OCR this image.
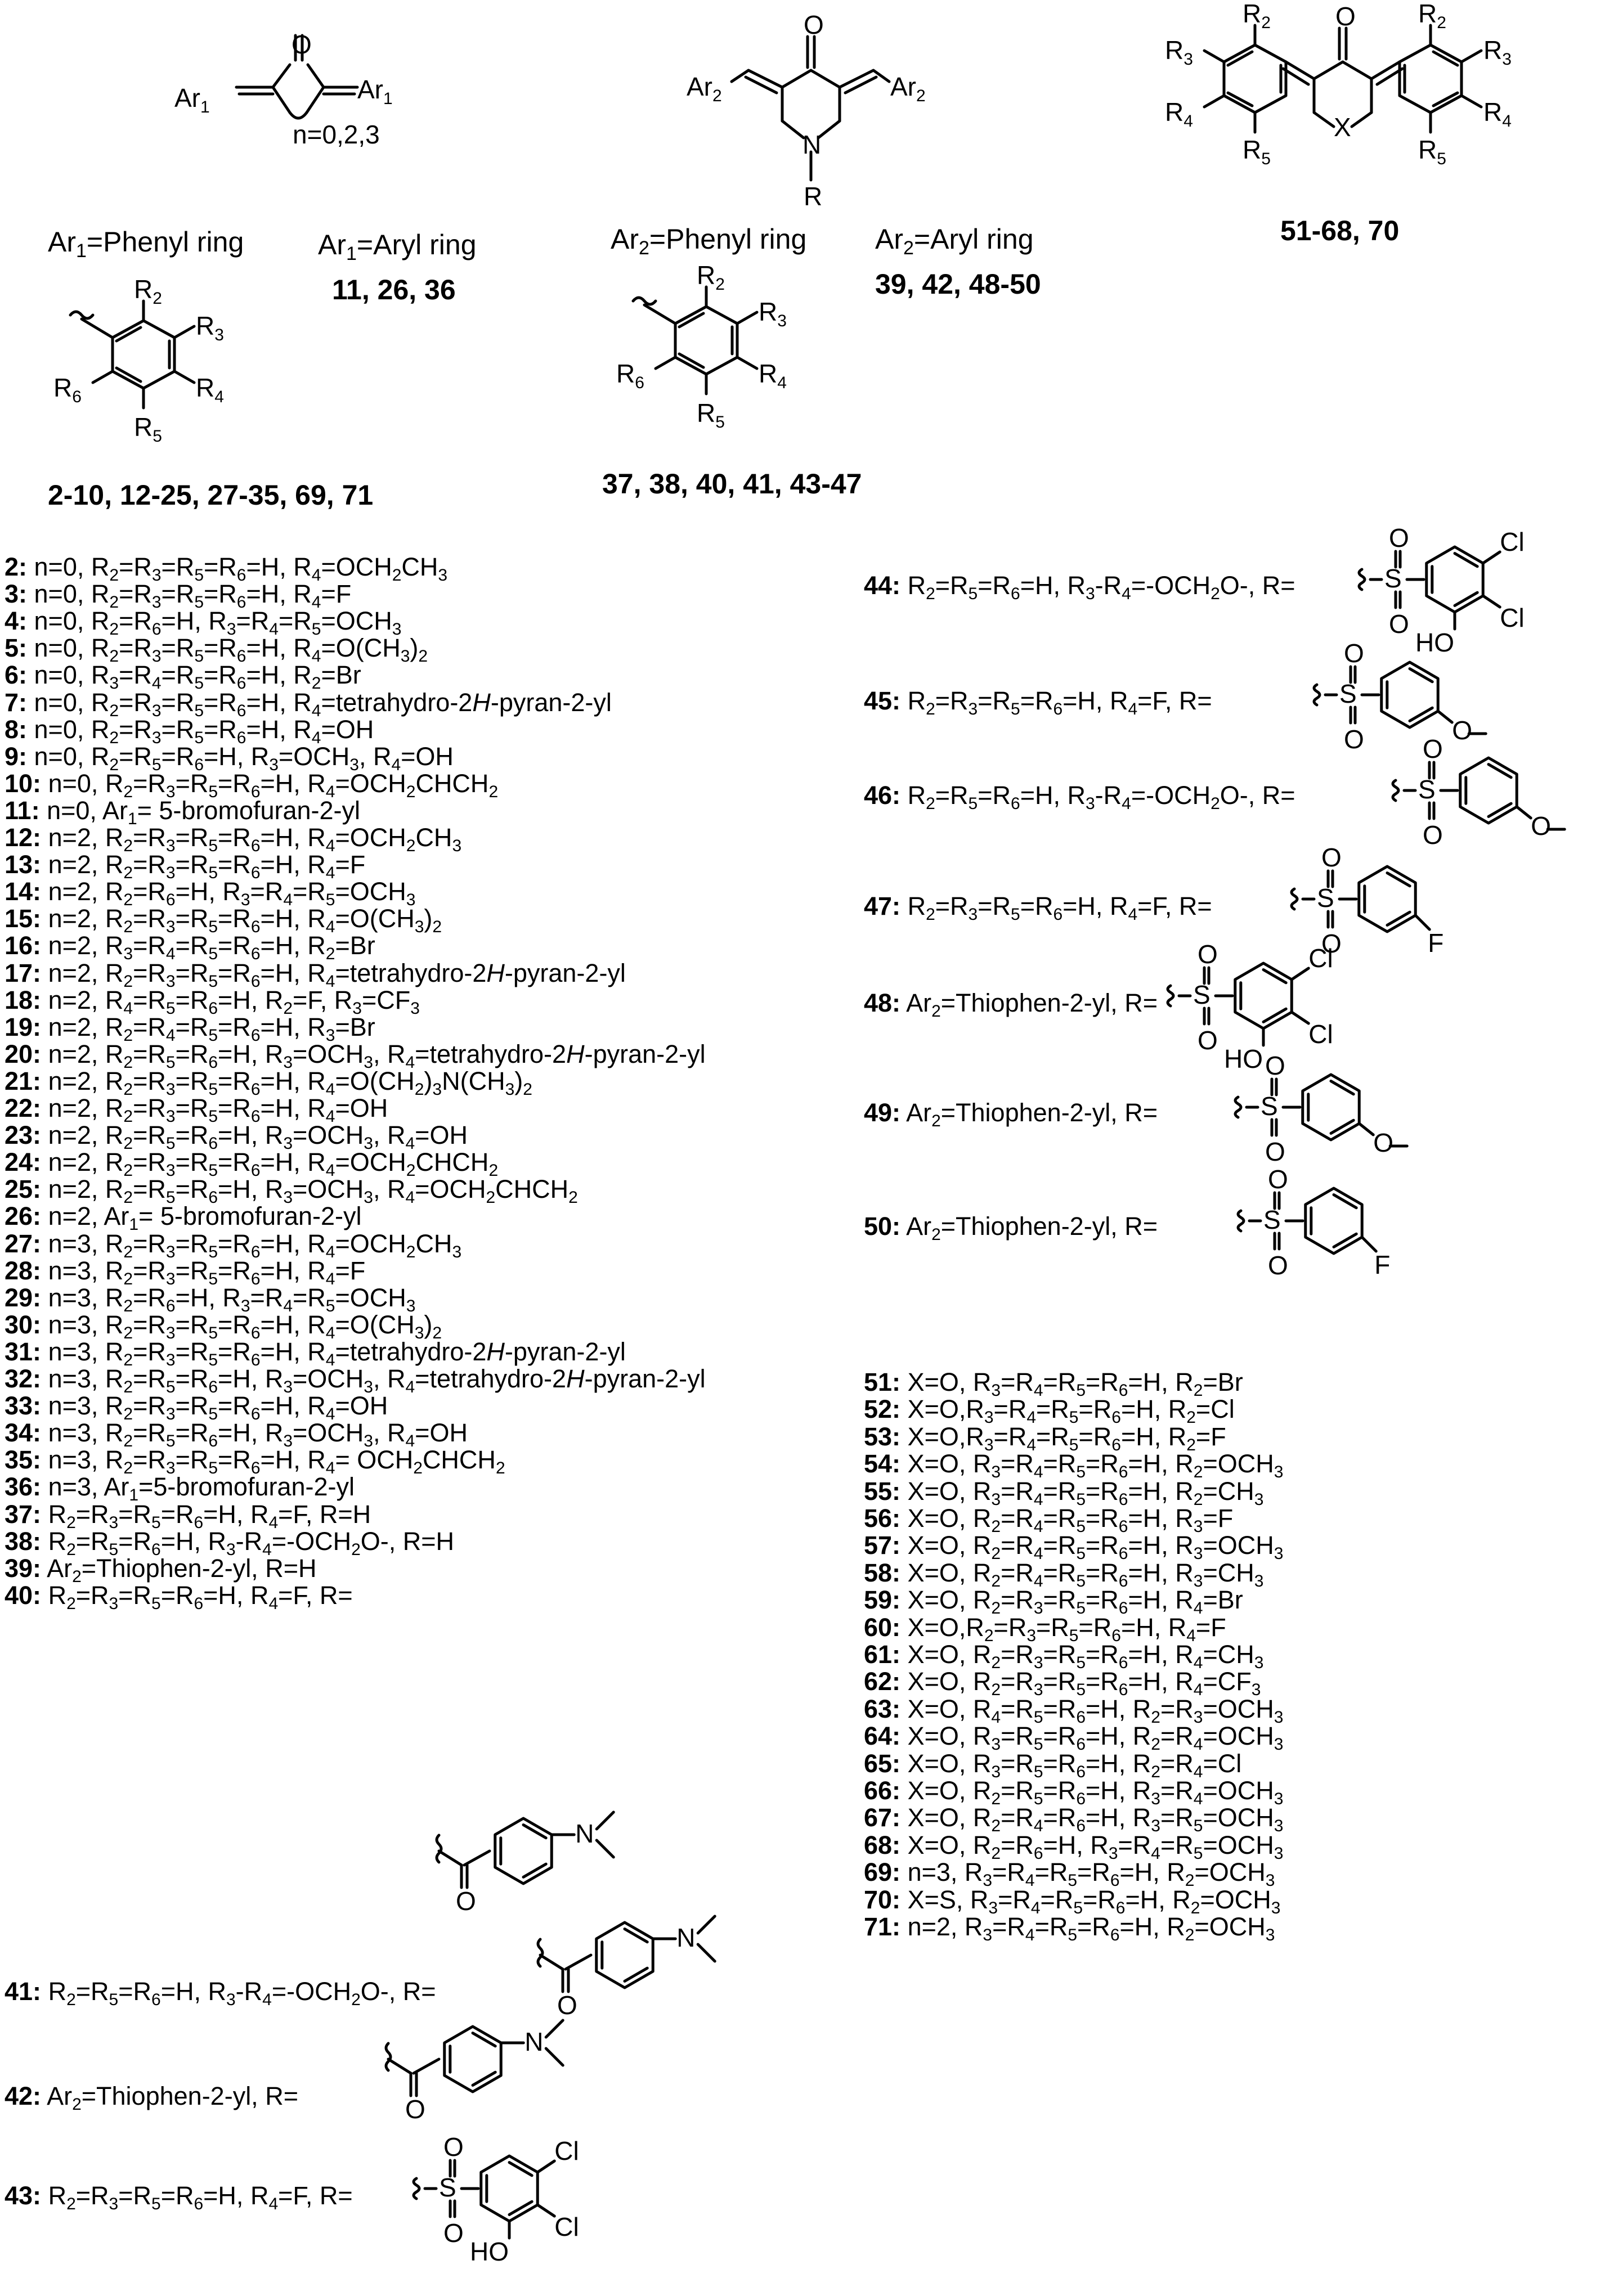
O
$Ar_1$
$Ar_1$
n=0,2,3
O
N
R
$Ar_2$	$Ar_2$
O
X
$R_2$
$R_3$
$R_4$
$R_5$
$R_2$
$R_3$
$R_4$
$R_5$
51-68, 70
$Ar_1=Phenyl$ ring	$Ar_1=Aryl$ ring
11, 26, 36
$Ar_2=Phenyl$ ring $Ar_2=Aryl$ ring
39, 42, 48-50
$R_2$
$R_3$
$R_4$
$R_5$
$R_6$
2-10, 12-25, 27-35, 69, 71
$R_2$
$R_3$
$R_4$
$R_5$
$R_6$
37, 38, 40, 41, 43-47
2: n=0, $R_2=R_3=R_5=R_6=H$, $R_4=OCH_2CH_3$
3: n=0, $R_2=R_3=R_5=R_6=H$, $R_4=F$
4: n=0, $R_2=R_6=H$, $R_3=R_4=R_5=OCH_3$
5: n=0, $R_2=R_3=R_5=R_6=H$, $R_4=O(CH_3)_2$
6: n=0, $R_3=R_4=R_5=R_6=H$, $R_2=Br$
7: n=0, $R_2=R_3=R_5=R_6=H$, $R_4=tetrahydro-2H-pyran-2-yl$
8: n=0, $R_2=R_3=R_5=R_6=H$, $R_4=OH$
9: n=0, $R_2=R_5=R_6=H$, $R_3=OCH_3$, $R_4=OH$
10: n=0, $R_2=R_3=R_5=R_6=H$, $R_4=OCH_2CHCH_2$
11: n=0, $Ar_1=$ 5-bromofuran-2-yl
12: n=2, $R_2=R_3=R_5=R_6=H$, $R_4=OCH_2CH_3$
13: n=2, $R_2=R_3=R_5=R_6=H$, $R_4=F$
14: n=2, $R_2=R_6=H$, $R_3=R_4=R_5=OCH_3$
15: n=2, $R_2=R_3=R_5=R_6=H$, $R_4=O(CH_3)_2$
16: n=2, $R_3=R_4=R_5=R_6=H$, $R_2=Br$
17: n=2, $R_2=R_3=R_5=R_6=H$, $R_4=tetrahydro-2H-pyran-2-yl$
18: n=2, $R_4=R_5=R_6=H$, $R_2=F$, $R_3=CF_3$
19: n=2, $R_2=R_4=R_5=R_6=H$, $R_3=Br$
20: n=2, $R_2=R_5=R_6=H$, $R_3=OCH_3$, $R_4=tetrahydro-2H-pyran-2-yl$
21: n=2, $R_2=R_3=R_5=R_6=H$, $R_4=O(CH_2)_3N(CH_3)_2$
22: n=2, $R_2=R_3=R_5=R_6=H$, $R_4=OH$
23: n=2, $R_2=R_5=R_6=H$, $R_3=OCH_3$, $R_4=OH$
24: n=2, $R_2=R_3=R_5=R_6=H$, $R_4=OCH_2CHCH_2$
25: n=2, $R_2=R_5=R_6=H$, $R_3=OCH_3$, $R_4=OCH_2CHCH_2$
26: n=2, $Ar_1=$ 5-bromofuran-2-yl
27: n=3, $R_2=R_3=R_5=R_6=H$, $R_4=OCH_2CH_3$
28: n=3, $R_2=R_3=R_5=R_6=H$, $R_4=F$
29: n=3, $R_2=R_6=H$, $R_3=R_4=R_5=OCH_3$
30: n=3, $R_2=R_3=R_5=R_6=H$, $R_4=O(CH_3)_2$
31: n=3, $R_2=R_3=R_5=R_6=H$, $R_4=tetrahydro-2H-pyran-2-yl$
32: n=3, $R_2=R_5=R_6=H$, $R_3=OCH_3$, $R_4=tetrahydro-2H-pyran-2-yl$
33: n=3, $R_2=R_3=R_5=R_6=H$, $R_4=OH$
34: n=3, $R_2=R_5=R_6=H$, $R_3=OCH_3$, $R_4=OH$
35: n=3, $R_2=R_3=R_5=R_6=H$, $R_4=$ $OCH_2CHCH_2$
36: n=3, $Ar_1=5-bromofuran-2-yl$
37: $R_2=R_3=R_5=R_6=H$, $R_4=F$, R=H
38: $R_2=R_5=R_6=H$, $R_3-R_4=-OCH_2O-$, R=H
39: $Ar_2=Thiophen-2-yl$, R=H
40: $R_2=R_3=R_5=R_6=H$, $R_4=F$, R=
41: $R_2=R_5=R_6=H$, $R_3-R_4=-OCH_2O-$, R=
42: $Ar_2=Thiophen-2-yl$, R=
43: $R_2=R_3=R_5=R_6=H$, $R_4=F$, R=
44: $R_2=R_5=R_6=H$, $R_3-R_4=-OCH_2O-$, R=
45: $R_2=R_3=R_5=R_6=H$, $R_4=F$, R=
46: $R_2=R_5=R_6=H$, $R_3-R_4=-OCH_2O-$, R=
47: $R_2=R_3=R_5=R_6=H$, $R_4=F$, R=
48: $Ar_2=Thiophen-2-yl$, R=
49: $Ar_2=Thiophen-2-yl$, R=
50: $Ar_2=Thiophen-2-yl$, R=
51: X=O, $R_3=R_4=R_5=R_6=H$, $R_2=Br$
52: $X=O,R_3=R_4=R_5=R_6=H$, $R_2=Cl$
53: $X=O,R_3=R_4=R_5=R_6=H$, $R_2=F$
54: X=O, $R_3=R_4=R_5=R_6=H$, $R_2=OCH_3$
55: X=O, $R_3=R_4=R_5=R_6=H$, $R_2=CH_3$
56: X=O, $R_2=R_4=R_5=R_6=H$, $R_3=F$
57: X=O, $R_2=R_4=R_5=R_6=H$, $R_3=OCH_3$
58: X=O, $R_2=R_4=R_5=R_6=H$, $R_3=CH_3$
59: X=O, $R_2=R_3=R_5=R_6=H$, $R_4=Br$
60: $X=O,R_2=R_3=R_5=R_6=H$, $R_4=F$
61: X=O, $R_2=R_3=R_5=R_6=H$, $R_4=CH_3$
62: X=O, $R_2=R_3=R_5=R_6=H$, $R_4=CF_3$
63: X=O, $R_4=R_5=R_6=H$, $R_2=R_3=OCH_3$
64: X=O, $R_3=R_5=R_6=H$, $R_2=R_4=OCH_3$
65: X=O, $R_3=R_5=R_6=H$, $R_2=R_4=Cl$
66: X=O, $R_2=R_5=R_6=H$, $R_3=R_4=OCH_3$
67: X=O, $R_2=R_4=R_6=H$, $R_3=R_5=OCH_3$
68: X=O, $R_2=R_6=H$, $R_3=R_4=R_5=OCH_3$
69: n=3, $R_3=R_4=R_5=R_6=H$, $R_2=OCH_3$
70: X=S, $R_3=R_4=R_5=R_6=H$, $R_2=OCH_3$
71: n=2, $R_3=R_4=R_5=R_6=H$, $R_2=OCH_3$
O
N
O
N
O
N
S
O
O
Cl
HO
Cl
S
O
O	O
S
O
O	O
S
O
O	F
S
O
O
Cl
HO
Cl
S
O
O	O
S
O
O	F
S
O
O
Cl
HO
Cl
